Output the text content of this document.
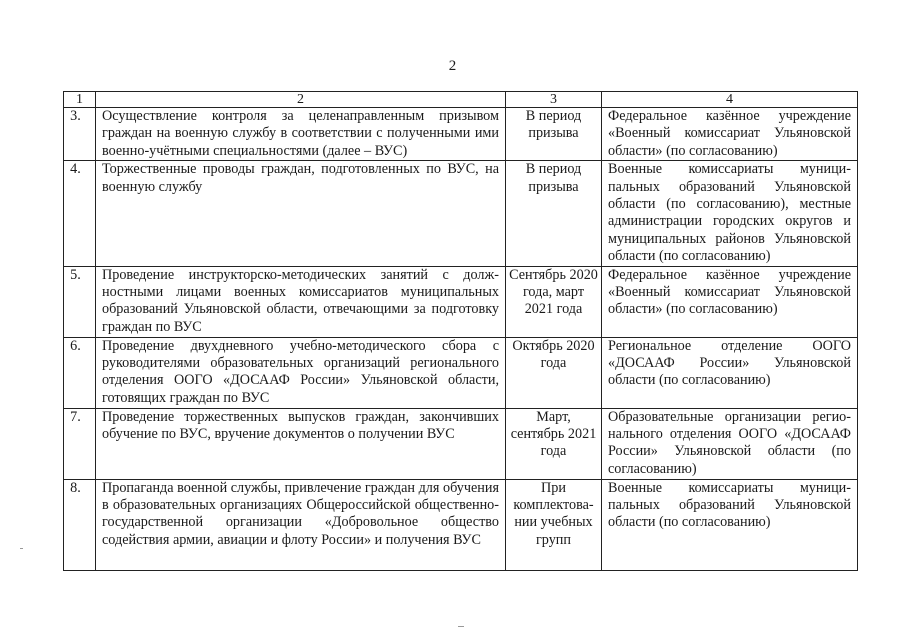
2
1	2	3	4
3.	Осуществление контроля за целенаправленным призывом граждан на военную службу в соответствии с полученными ими военно-учётными специальностями (далее – ВУС)	В период призыва	Федеральное казённое учреждение «Военный комиссариат Ульяновской области» (по согласованию)
4.	Торжественные проводы граждан, подготовленных по ВУС, на военную службу	В период призыва	Военные комиссариаты муниципальных образований Ульяновской области (по согласованию), местные администрации городских округов и муниципальных районов Ульяновской области (по согласованию)
5.	Проведение инструкторско-методических занятий с должностными лицами военных комиссариатов муниципальных образований Ульяновской области, отвечающими за подготовку граждан по ВУС	Сентябрь 2020 года, март 2021 года	Федеральное казённое учреждение «Военный комиссариат Ульяновской области» (по согласованию)
6.	Проведение двухдневного учебно-методического сбора с руководителями образовательных организаций регионального отделения ООГО «ДОСААФ России» Ульяновской области, готовящих граждан по ВУС	Октябрь 2020 года	Региональное отделение ООГО «ДОСААФ России» Ульяновской области (по согласованию)
7.	Проведение торжественных выпусков граждан, закончивших обучение по ВУС, вручение документов о получении ВУС	Март, сентябрь 2021 года	Образовательные организации регионального отделения ООГО «ДОСААФ России» Ульяновской области (по согласованию)
8.	Пропаганда военной службы, привлечение граждан для обучения в образовательных организациях Общероссийской общественно-государственной организации «Добровольное общество содействия армии, авиации и флоту России» и получения ВУС	При комплектовании учебных групп	Военные комиссариаты муниципальных образований Ульяновской области (по согласованию)
